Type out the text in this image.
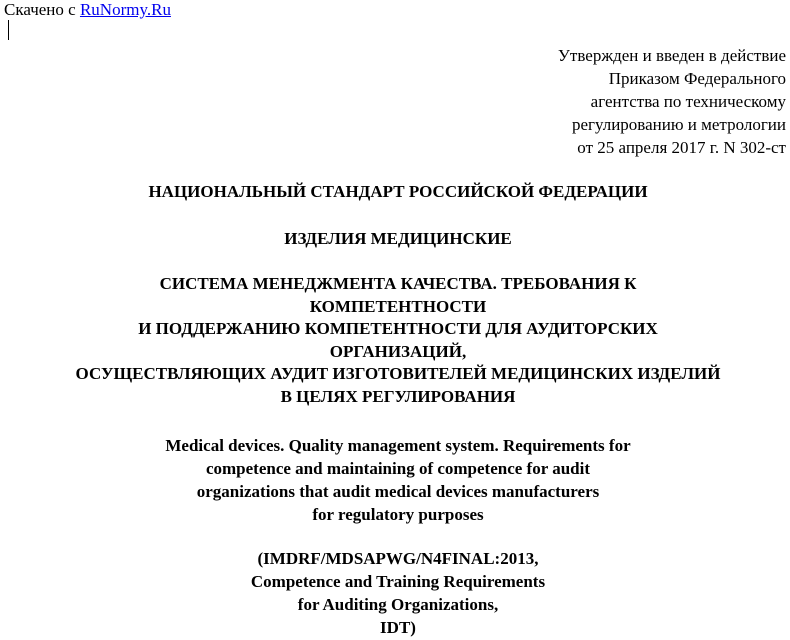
Скачено с RuNormy.Ru
Утвержден и введен в действие
Приказом Федерального
агентства по техническому
регулированию и метрологии
от 25 апреля 2017 г. N 302-ст
НАЦИОНАЛЬНЫЙ СТАНДАРТ РОССИЙСКОЙ ФЕДЕРАЦИИ
ИЗДЕЛИЯ МЕДИЦИНСКИЕ
СИСТЕМА МЕНЕДЖМЕНТА КАЧЕСТВА. ТРЕБОВАНИЯ К
КОМПЕТЕНТНОСТИ
И ПОДДЕРЖАНИЮ КОМПЕТЕНТНОСТИ ДЛЯ АУДИТОРСКИХ
ОРГАНИЗАЦИЙ,
ОСУЩЕСТВЛЯЮЩИХ АУДИТ ИЗГОТОВИТЕЛЕЙ МЕДИЦИНСКИХ ИЗДЕЛИЙ
В ЦЕЛЯХ РЕГУЛИРОВАНИЯ
Medical devices. Quality management system. Requirements for
competence and maintaining of competence for audit
organizations that audit medical devices manufacturers
for regulatory purposes
(IMDRF/MDSAPWG/N4FINAL:2013,
Competence and Training Requirements
for Auditing Organizations,
IDT)
